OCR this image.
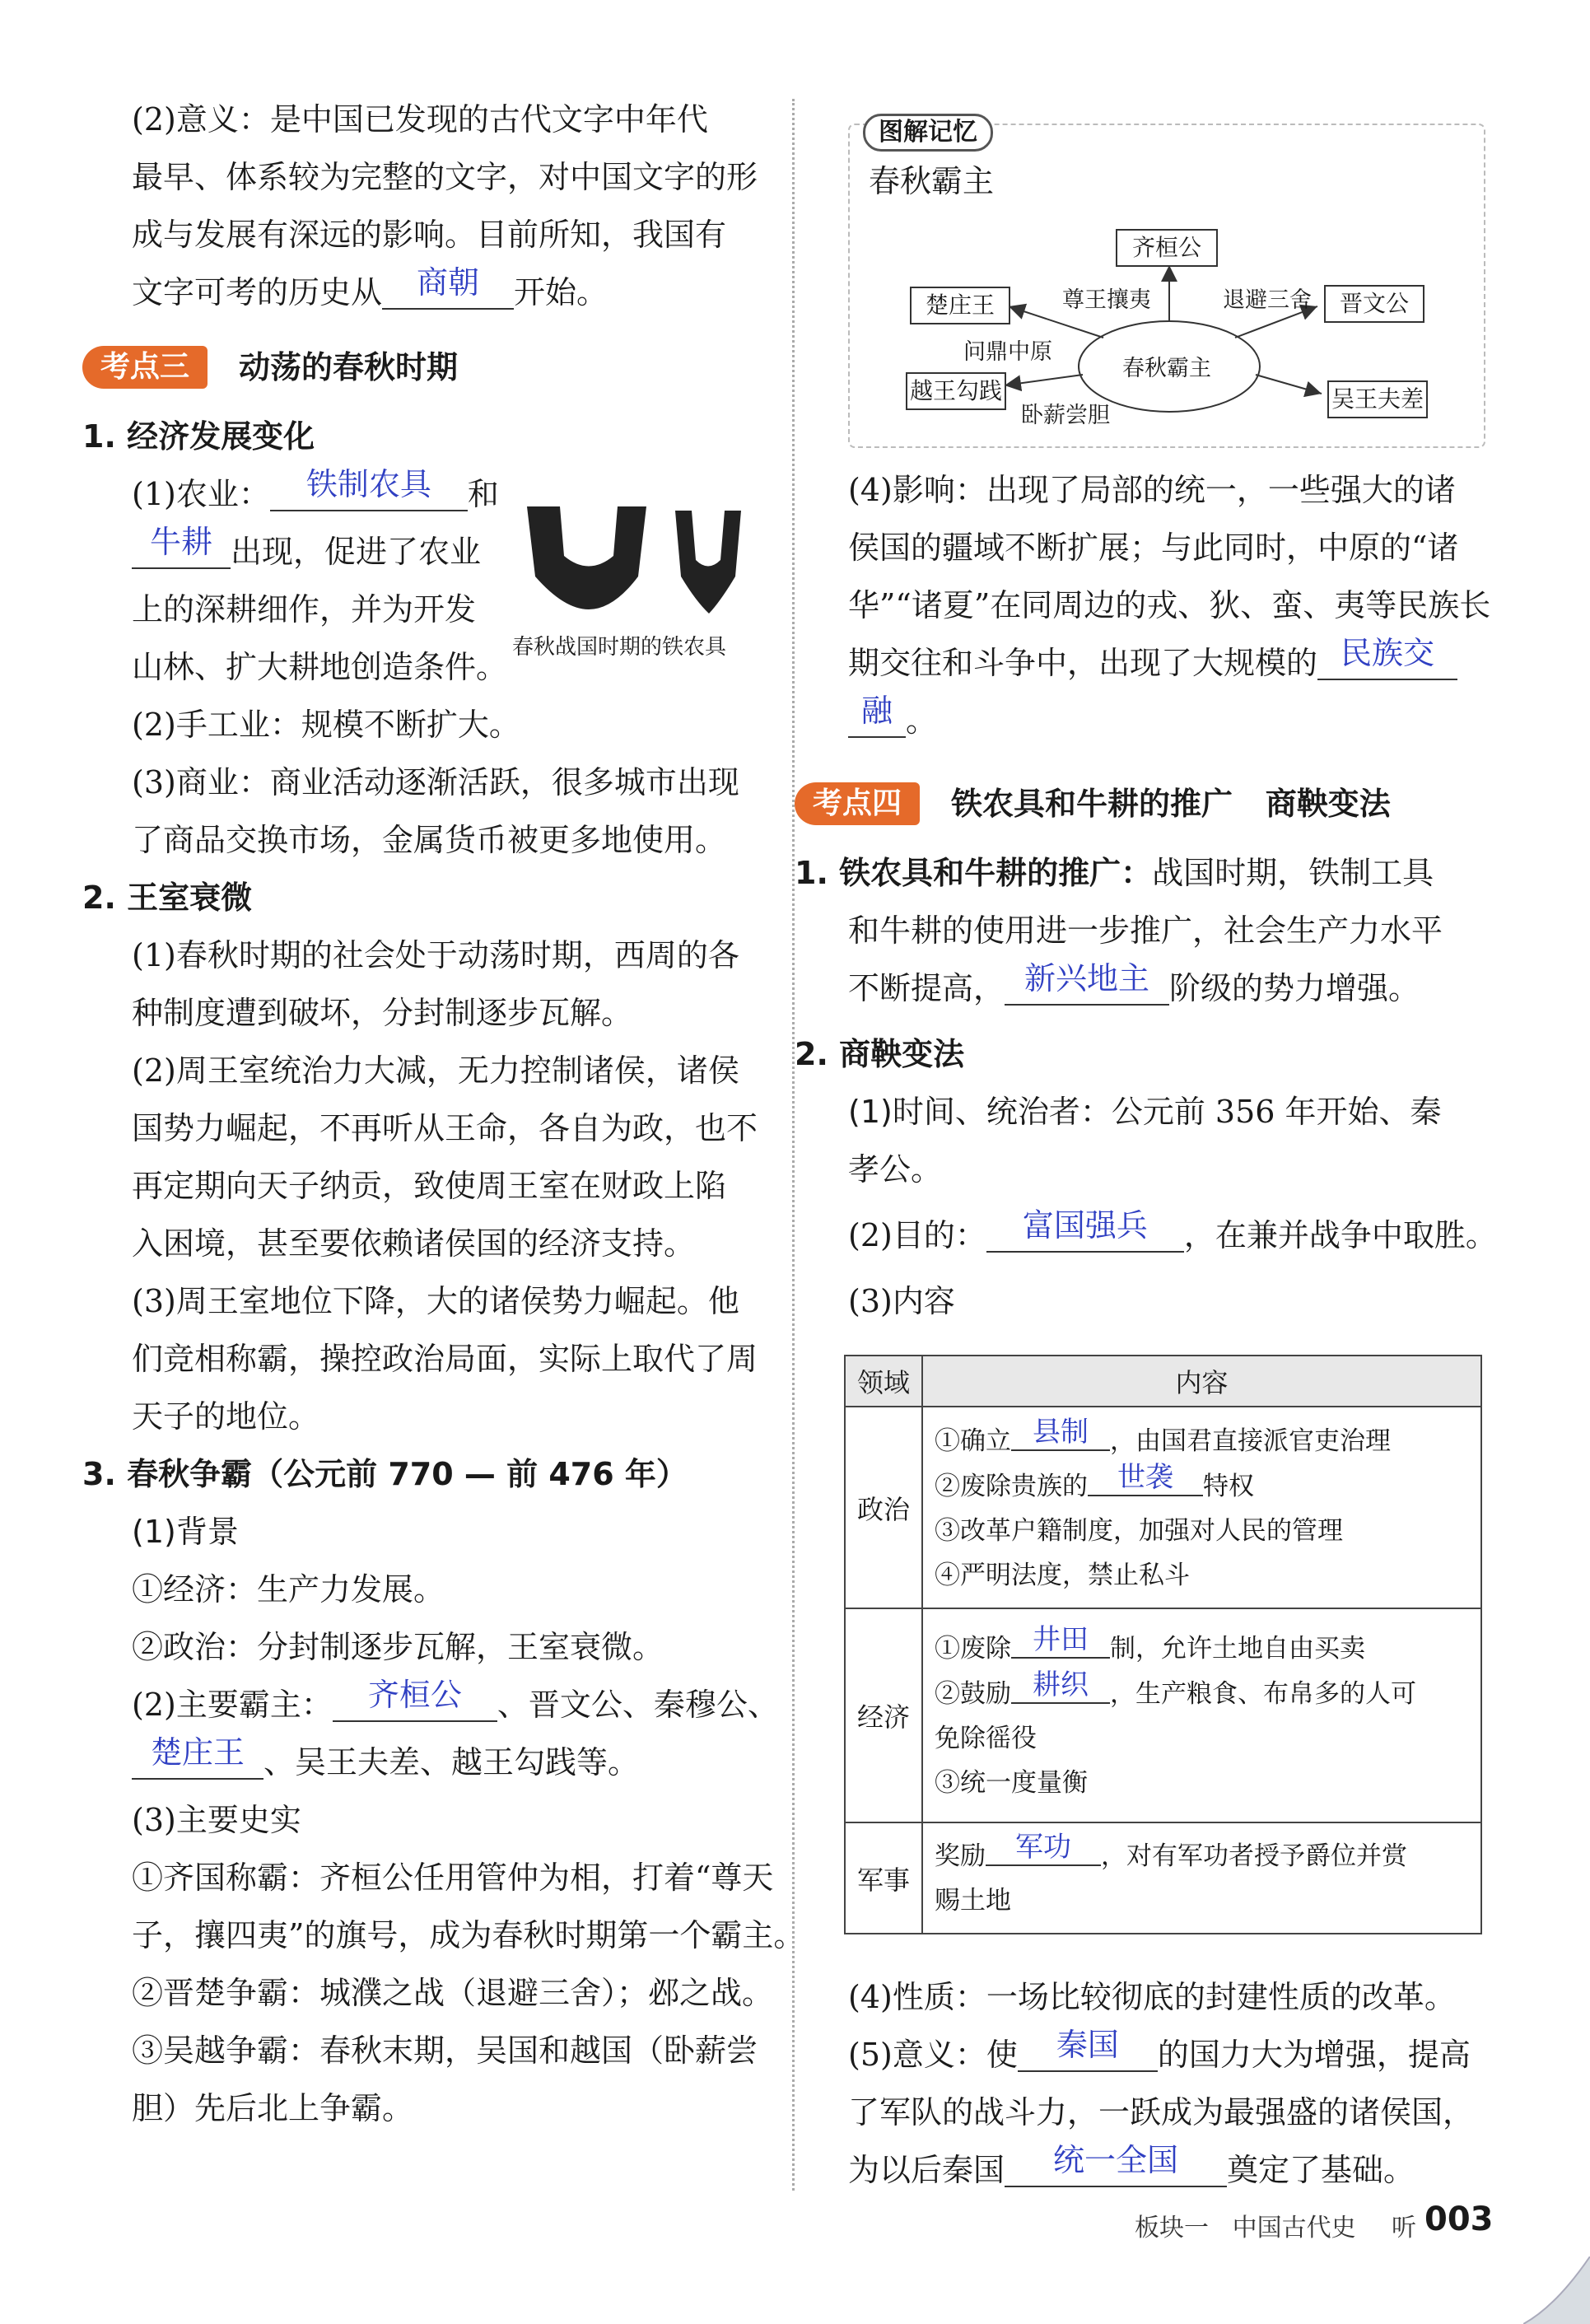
(2)意义：是中国已发现的古代文字中年代
最早、体系较为完整的文字，对中国文字的形
成与发展有深远的影响。目前所知，我国有
文字可考的历史从 商朝 开始。
考点三	动荡的春秋时期
1. 经济发展变化
(1)农业： 铁制农具 和
牛耕 出现，促进了农业
上的深耕细作，并为开发
山林、扩大耕地创造条件。
春秋战国时期的铁农具
(2)手工业：规模不断扩大。
(3)商业：商业活动逐渐活跃，很多城市出现
了商品交换市场，金属货币被更多地使用。
2. 王室衰微
(1)春秋时期的社会处于动荡时期，西周的各
种制度遭到破坏，分封制逐步瓦解。
(2)周王室统治力大减，无力控制诸侯，诸侯
国势力崛起，不再听从王命，各自为政，也不
再定期向天子纳贡，致使周王室在财政上陷
入困境，甚至要依赖诸侯国的经济支持。
(3)周王室地位下降，大的诸侯势力崛起。他
们竞相称霸，操控政治局面，实际上取代了周
天子的地位。
3. 春秋争霸（公元前 770 — 前 476 年）
(1)背景
①经济：生产力发展。
②政治：分封制逐步瓦解，王室衰微。
(2)主要霸主： 齐桓公 、晋文公、秦穆公、
楚庄王 、吴王夫差、越王勾践等。
(3)主要史实
①齐国称霸：齐桓公任用管仲为相，打着“尊天
子，攘四夷”的旗号，成为春秋时期第一个霸主。
②晋楚争霸：城濮之战（退避三舍）；邲之战。
③吴越争霸：春秋末期，吴国和越国（卧薪尝
胆）先后北上争霸。
图解记忆
春秋霸主
春秋霸主
齐桓公
尊王攘夷
楚庄王
问鼎中原
越王勾践
卧薪尝胆
晋文公
退避三舍
吴王夫差
(4)影响：出现了局部的统一，一些强大的诸
侯国的疆域不断扩展；与此同时，中原的“诸
华”“诸夏”在同周边的戎、狄、蛮、夷等民族长
期交往和斗争中，出现了大规模的 民族交
融 。
考点四	铁农具和牛耕的推广   商鞅变法
1. 铁农具和牛耕的推广：战国时期，铁制工具
和牛耕的使用进一步推广，社会生产力水平
不断提高， 新兴地主 阶级的势力增强。
2. 商鞅变法
(1)时间、统治者：公元前 356 年开始、秦
孝公。
(2)目的： 富国强兵 ，在兼并战争中取胜。
(3)内容
领域	内容
政治	①确立 县制 ，由国君直接派官吏治理
②废除贵族的 世袭 特权
③改革户籍制度，加强对人民的管理
④严明法度，禁止私斗

经济	①废除 井田 制，允许土地自由买卖
②鼓励 耕织 ，生产粮食、布帛多的人可
免除徭役
③统一度量衡

军事	奖励 军功 ，对有军功者授予爵位并赏
赐土地
(4)性质：一场比较彻底的封建性质的改革。
(5)意义：使 秦国 的国力大为增强，提高
了军队的战斗力，一跃成为最强盛的诸侯国，
为以后秦国 统一全国 奠定了基础。
板块一   中国古代史 听 003
